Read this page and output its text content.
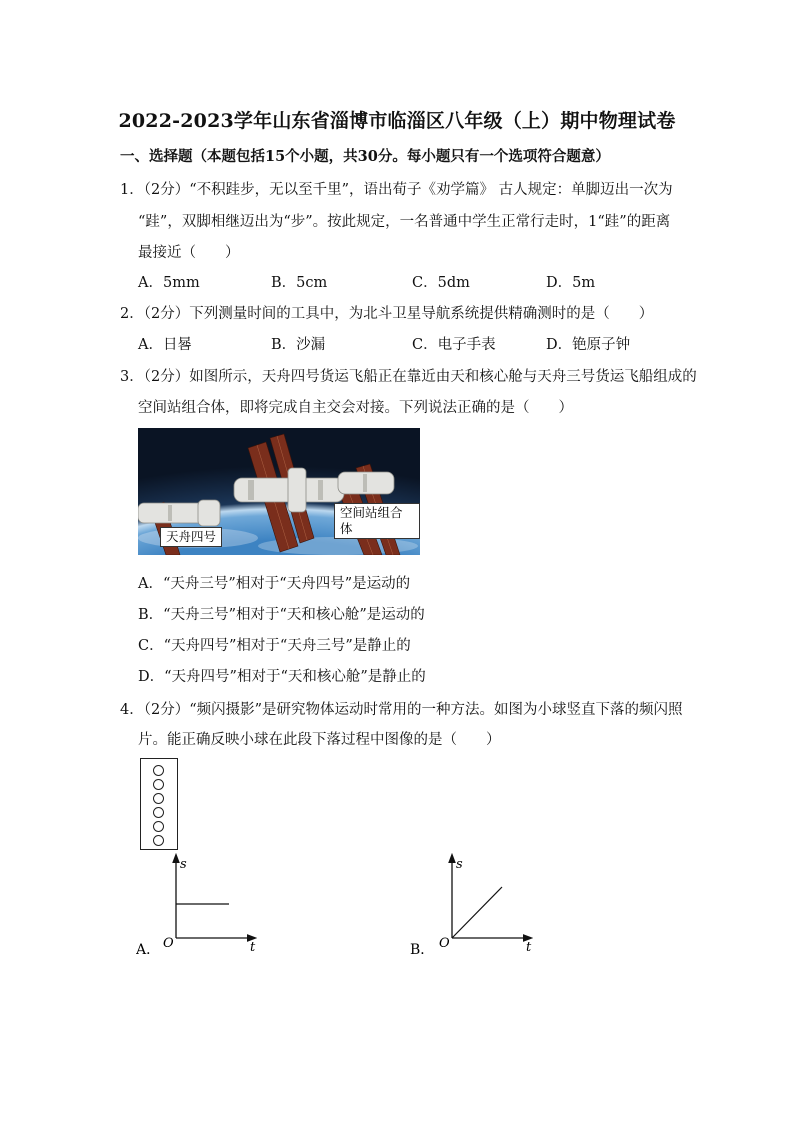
2022-2023学年山东省淄博市临淄区八年级（上）期中物理试卷
一、选择题（本题包括15个小题，共30分。每小题只有一个选项符合题意）
1．（2分）“不积跬步，无以至千里”，语出荀子《劝学篇》 古人规定：单脚迈出一次为
“跬”，双脚相继迈出为“步”。按此规定，一名普通中学生正常行走时，1“跬”的距离
最接近（　　）
A．5mm	B．5cm	C．5dm	D．5m
2．（2分）下列测量时间的工具中，为北斗卫星导航系统提供精确测时的是（　　）
A．日晷	B．沙漏	C．电子手表	D．铯原子钟
3．（2分）如图所示，天舟四号货运飞船正在靠近由天和核心舱与天舟三号货运飞船组成的
空间站组合体，即将完成自主交会对接。下列说法正确的是（　　）
空间站组合体
天舟四号
A．“天舟三号”相对于“天舟四号”是运动的
B．“天舟三号”相对于“天和核心舱”是运动的
C．“天舟四号”相对于“天舟三号”是静止的
D．“天舟四号”相对于“天和核心舱”是静止的
4．（2分）“频闪摄影”是研究物体运动时常用的一种方法。如图为小球竖直下落的频闪照
片。能正确反映小球在此段下落过程中图像的是（　　）
s
O	t
A．
s
O	t
B．
